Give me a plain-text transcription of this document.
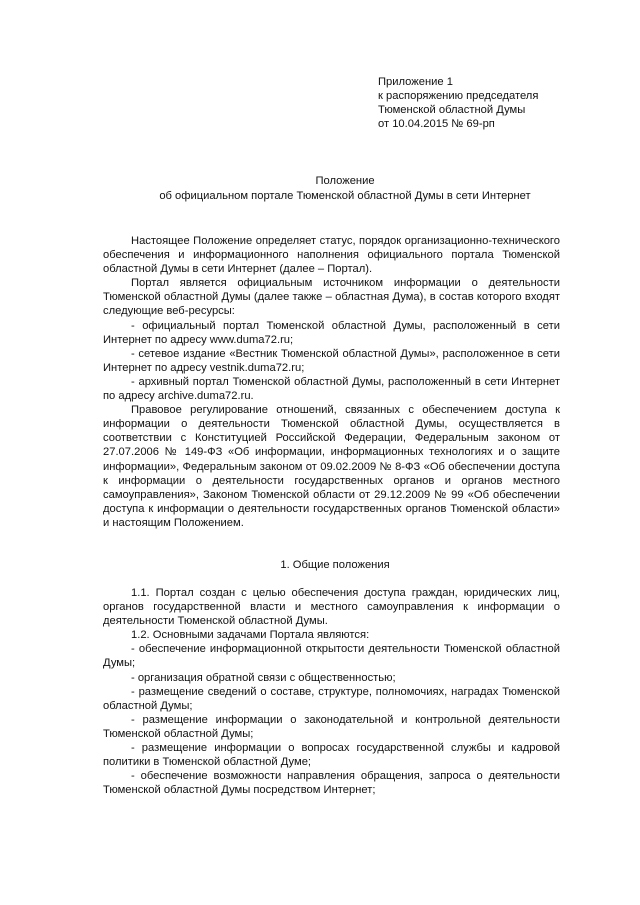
Приложение 1
к распоряжению председателя
Тюменской областной Думы
от 10.04.2015 № 69-рп
Положение
об официальном портале Тюменской областной Думы в сети Интернет

Настоящее Положение определяет статус, порядок организационно-технического обеспечения и информационного наполнения официального портала Тюменской областной Думы в сети Интернет (далее – Портал).

Портал является официальным источником информации о деятельности Тюменской областной Думы (далее также – областная Дума), в состав которого входят следующие веб-ресурсы:

- официальный портал Тюменской областной Думы, расположенный в сети Интернет по адресу www.duma72.ru;

- сетевое издание «Вестник Тюменской областной Думы», расположенное в сети Интернет по адресу vestnik.duma72.ru;

- архивный портал Тюменской областной Думы, расположенный в сети Интернет по адресу archive.duma72.ru.

Правовое регулирование отношений, связанных с обеспечением доступа к информации о деятельности Тюменской областной Думы, осуществляется в соответствии с Конституцией Российской Федерации, Федеральным законом от 27.07.2006 № 149-ФЗ «Об информации, информационных технологиях и о защите информации», Федеральным законом от 09.02.2009 № 8-ФЗ «Об обеспечении доступа к информации о деятельности государственных органов и органов местного самоуправления», Законом Тюменской области от 29.12.2009 № 99 «Об обеспечении доступа к информации о деятельности государственных органов Тюменской области» и настоящим Положением.

1. Общие положения

1.1. Портал создан с целью обеспечения доступа граждан, юридических лиц, органов государственной власти и местного самоуправления к информации о деятельности Тюменской областной Думы.

1.2. Основными задачами Портала являются:

- обеспечение информационной открытости деятельности Тюменской областной Думы;

- организация обратной связи с общественностью;

- размещение сведений о составе, структуре, полномочиях, наградах Тюменской областной Думы;

- размещение информации о законодательной и контрольной деятельности Тюменской областной Думы;

- размещение информации о вопросах государственной службы и кадровой политики в Тюменской областной Думе;

- обеспечение возможности направления обращения, запроса о деятельности Тюменской областной Думы посредством Интернет;
